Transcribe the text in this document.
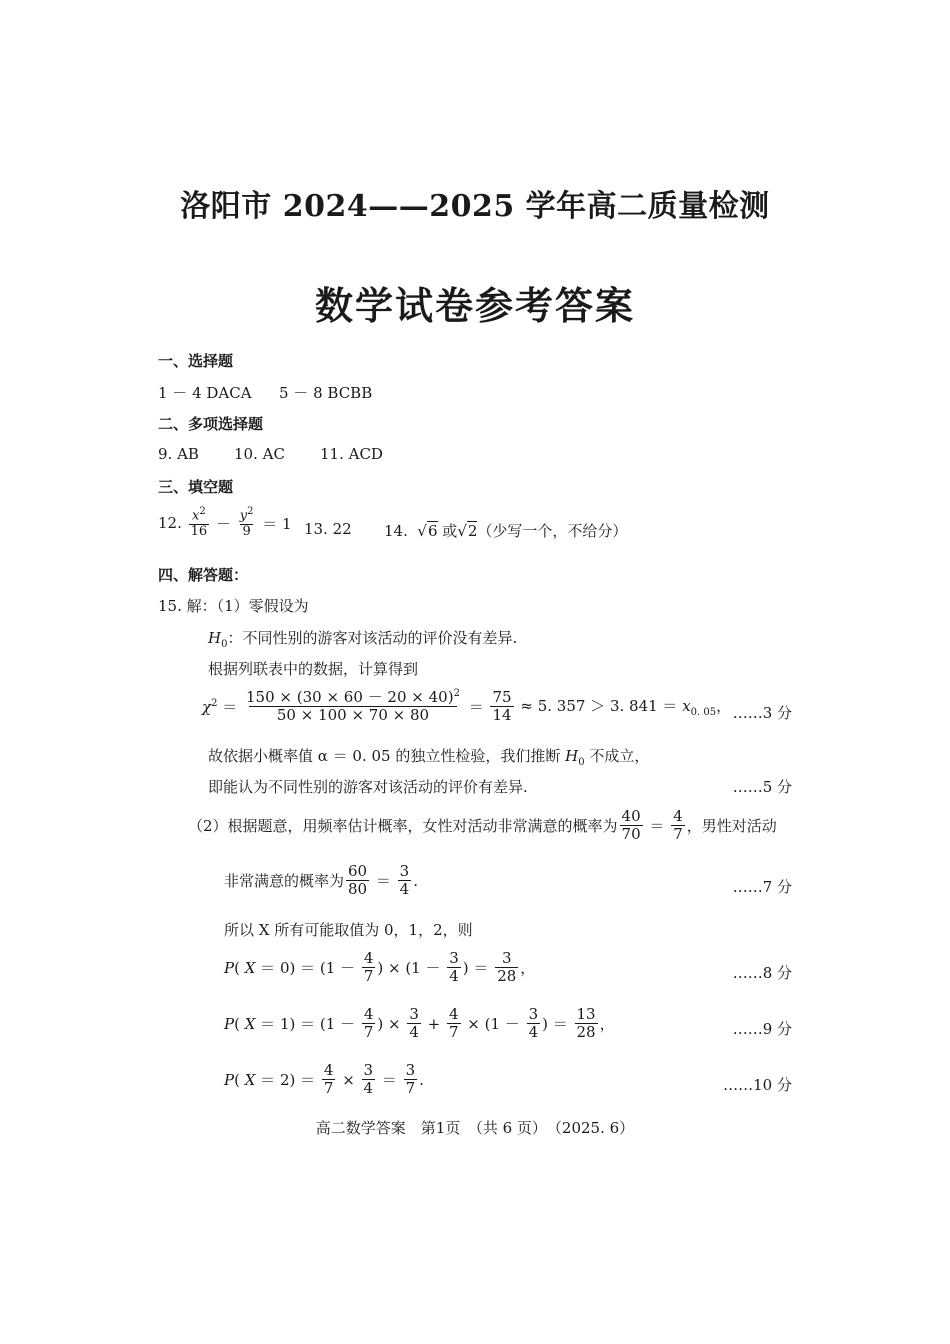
洛阳市 2024——2025 学年高二质量检测
数学试卷参考答案
一、选择题
1 － 4 DACA 5 － 8 BCBB
二、多项选择题
9. AB 10. AC 11. ACD
三、填空题
12.
$\frac{x^2}{16} - \frac{y^2}{9} = 1$ 13. 22 14.  √6 或√2（少写一个，不给分）
四、解答题：
15. 解：（1）零假设为
$H_0$：不同性别的游客对该活动的评价没有差异.
根据列联表中的数据，计算得到
$\chi^2 = \frac{150 \times (30 \times 60 - 20 \times 40)^2}{50 \times 100 \times 70 \times 80} = \frac{75}{14} \approx 5$. 357 ＞ 3. $841 = x_{0. 05}$， ……3 分
故依据小概率值 α ＝ 0. 05 的独立性检验，我们推断 $H_0$ 不成立，
即能认为不同性别的游客对该活动的评价有差异.	……5 分
（2）根据题意，用频率估计概率，女性对活动非常满意的概率为 $\frac{40}{70} = \frac{4}{7}$ ，男性对活动
非常满意的概率为 $\frac{60}{80} = \frac{3}{4}$ .	……7 分
所以 X 所有可能取值为 0，1，2，则
P( $X = 0) = (1 - \frac{4}{7}$ ) × ($1 - \frac{3}{4}$ ) ＝ $\frac{3}{28}$ ，	……8 分
P( $X = 1) = (1 - \frac{4}{7}$ ) × $\frac{3}{4} + \frac{4}{7} \times (1 - \frac{3}{4}$ ) ＝ $\frac{13}{28}$ ，	……9 分
P( $X = 2) = \frac{4}{7} \times \frac{3}{4} = \frac{3}{7}$ .	……10 分
高二数学答案　第1页　（共 6 页）　（2025. 6）
